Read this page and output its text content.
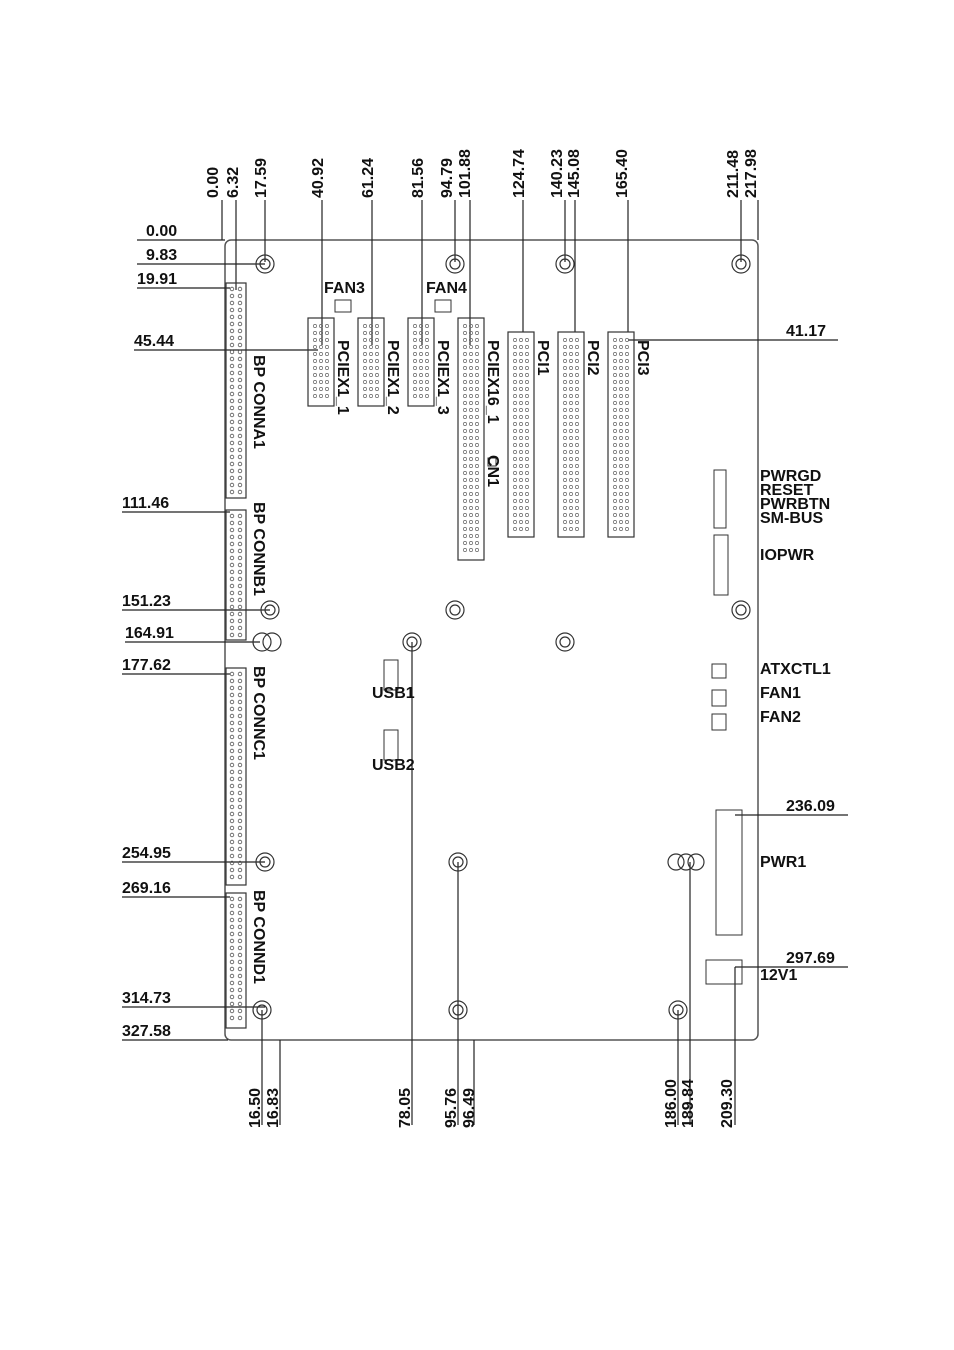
0.00 6.32 17.59	40.92 61.24 81.56 94.79 101.88 124.74 140.23 145.08 165.40	211.48 217.98
0.00
9.83
19.91
45.44
111.46
151.23
164.91
177.62
254.95
269.16
314.73
327.58
41.17
236.09
297.69
16.50 16.83	78.05 95.76 96.49	186.00 189.84 209.30
FAN3	FAN4
PCIEX1_1 PCIEX1_2 PCIEX1_3 PCIEX16_1
CN1
PCI1 PCI2 PCI3
BP CONNA1
BP CONNB1
BP CONNC1
BP CONND1
PWRGD
RESET
PWRBTN
SM-BUS
IOPWR
ATXCTL1
FAN1
FAN2
USB1
USB2
PWR1
12V1
